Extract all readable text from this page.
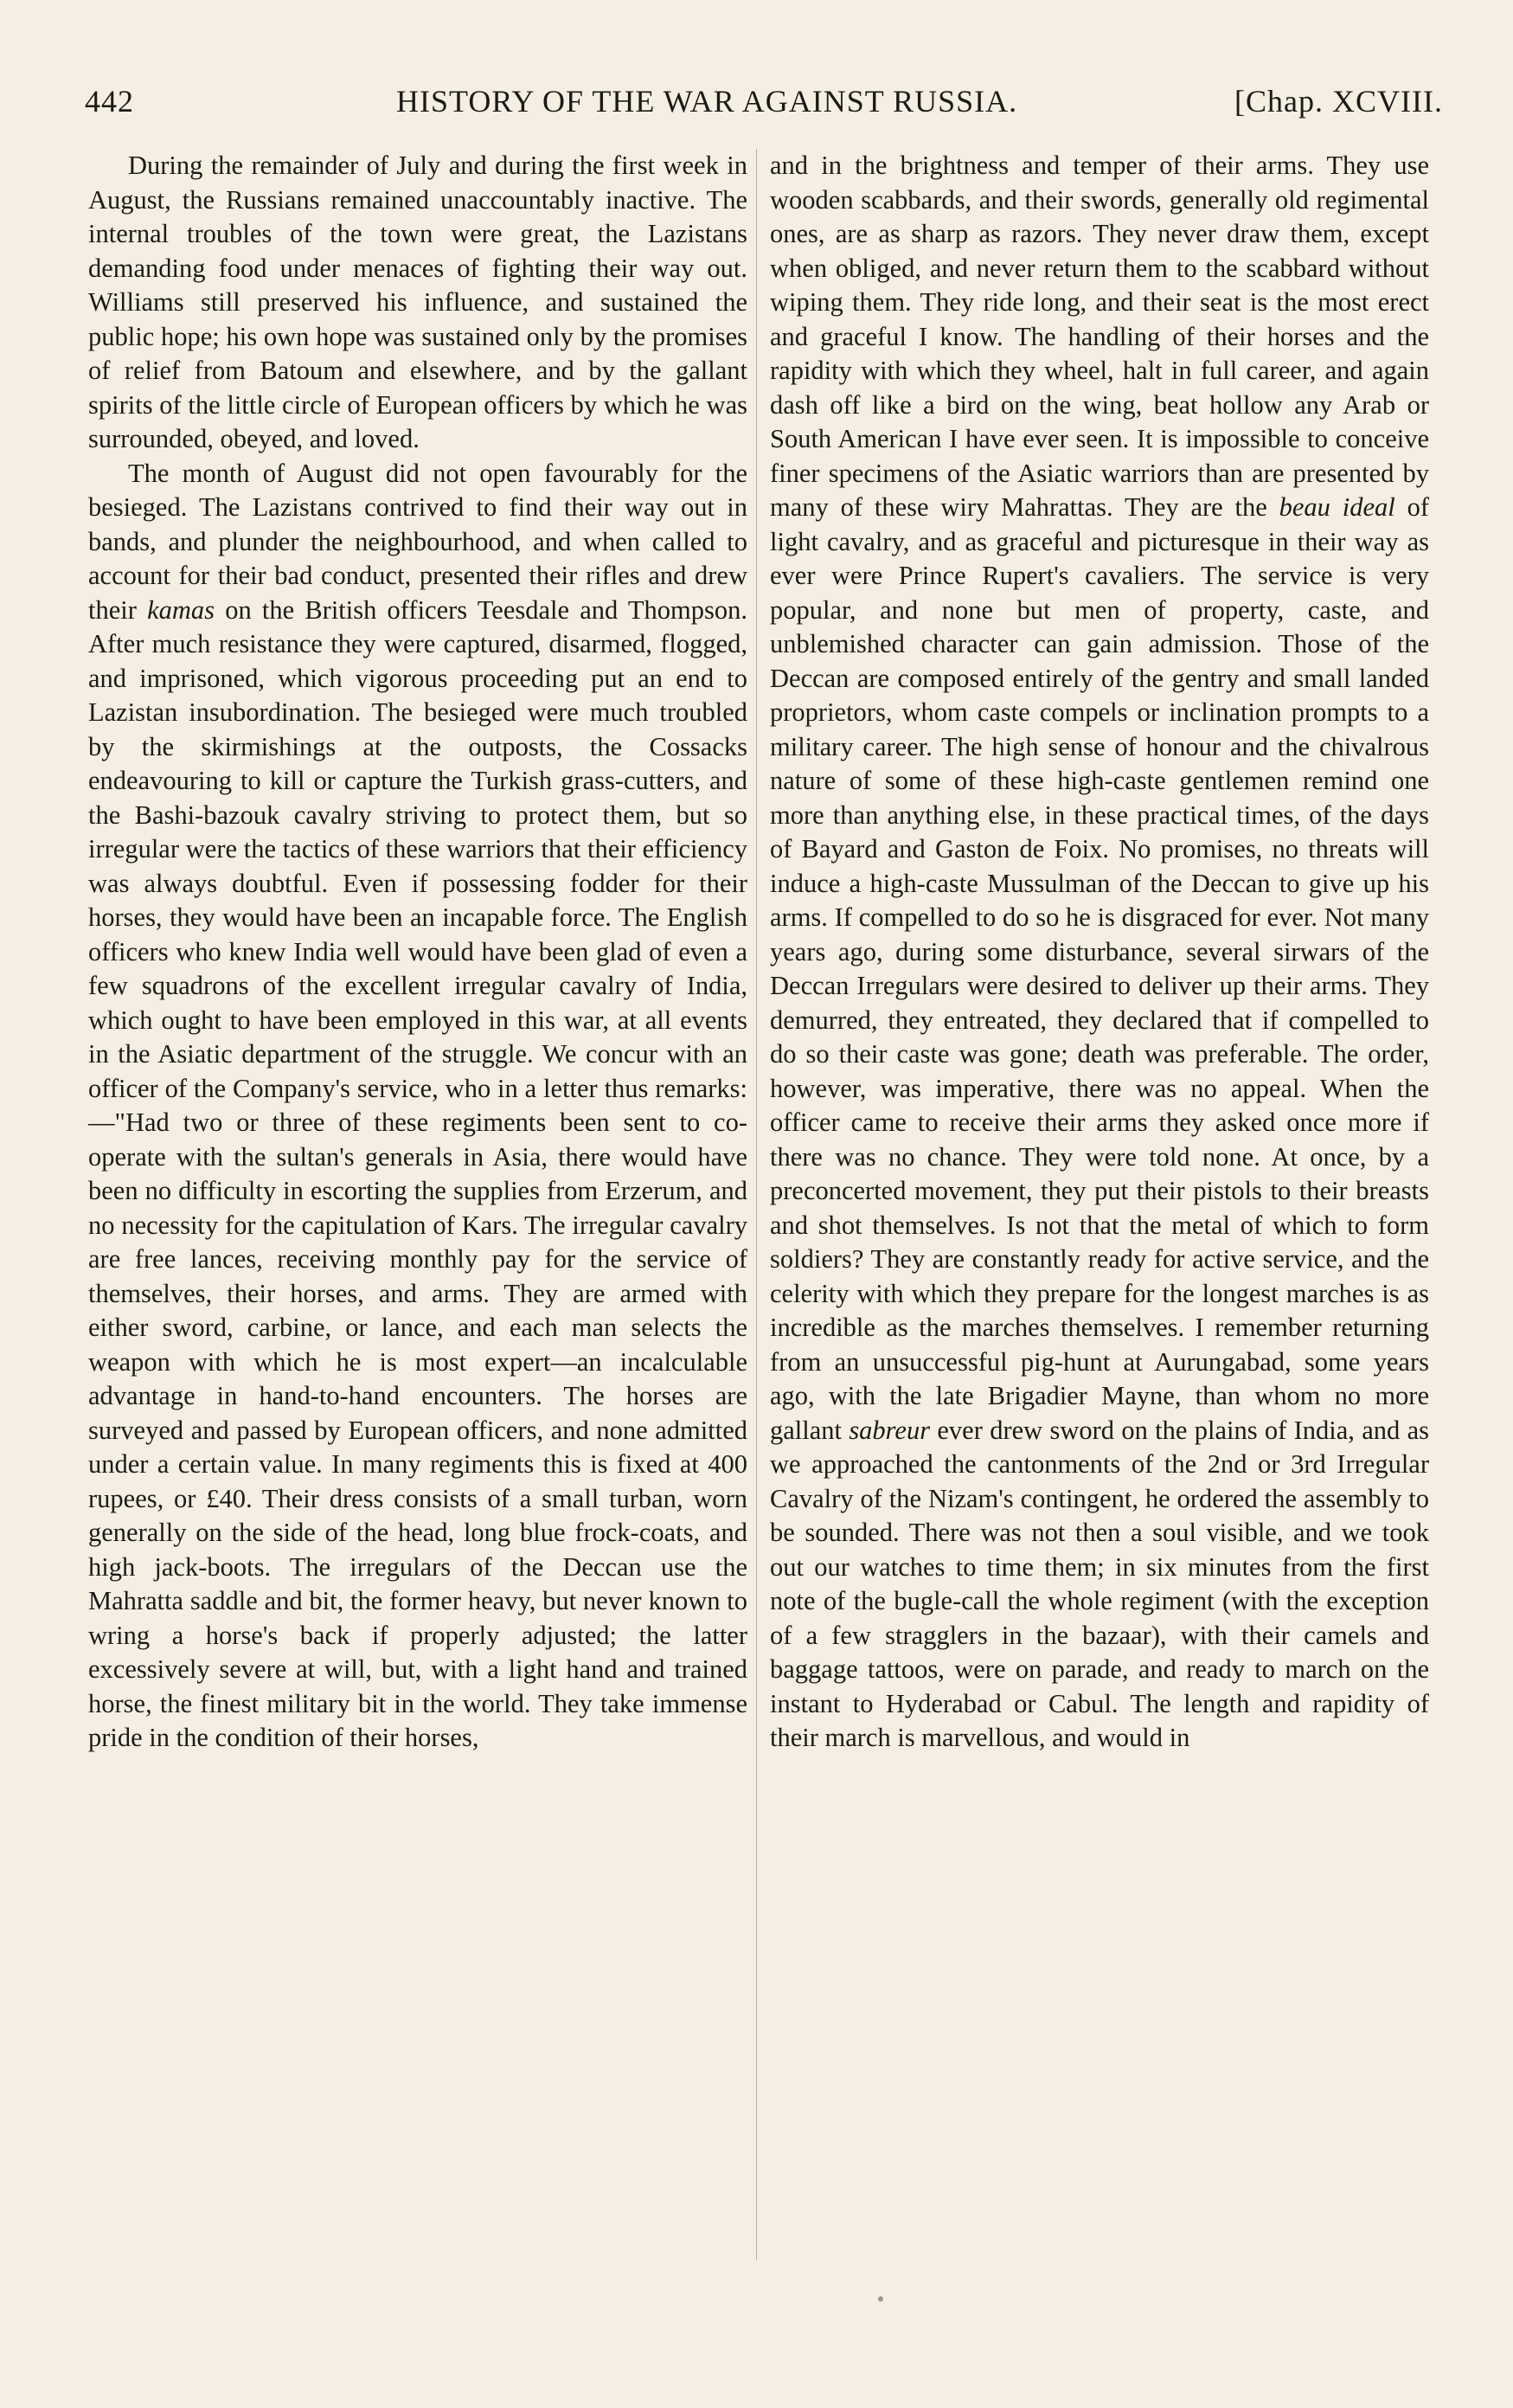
442	HISTORY OF THE WAR AGAINST RUSSIA.	[Chap. XCVIII.

During the remainder of July and during the first week in August, the Russians remained unaccountably inactive. The internal troubles of the town were great, the Lazistans demanding food under menaces of fighting their way out. Williams still preserved his influence, and sustained the public hope; his own hope was sustained only by the promises of relief from Batoum and elsewhere, and by the gallant spirits of the little circle of European officers by which he was surrounded, obeyed, and loved.

The month of August did not open favourably for the besieged. The Lazistans contrived to find their way out in bands, and plunder the neighbourhood, and when called to account for their bad conduct, presented their rifles and drew their kamas on the British officers Teesdale and Thompson. After much resistance they were captured, disarmed, flogged, and imprisoned, which vigorous proceeding put an end to Lazistan insubordination. The besieged were much troubled by the skirmishings at the outposts, the Cossacks endeavouring to kill or capture the Turkish grass-cutters, and the Bashi-bazouk cavalry striving to protect them, but so irregular were the tactics of these warriors that their efficiency was always doubtful. Even if possessing fodder for their horses, they would have been an incapable force. The English officers who knew India well would have been glad of even a few squadrons of the excellent irregular cavalry of India, which ought to have been employed in this war, at all events in the Asiatic department of the struggle. We concur with an officer of the Company's service, who in a letter thus remarks:—"Had two or three of these regiments been sent to co-operate with the sultan's generals in Asia, there would have been no difficulty in escorting the supplies from Erzerum, and no necessity for the capitulation of Kars. The irregular cavalry are free lances, receiving monthly pay for the service of themselves, their horses, and arms. They are armed with either sword, carbine, or lance, and each man selects the weapon with which he is most expert—an incalculable advantage in hand-to-hand encounters. The horses are surveyed and passed by European officers, and none admitted under a certain value. In many regiments this is fixed at 400 rupees, or £40. Their dress consists of a small turban, worn generally on the side of the head, long blue frock-coats, and high jack-boots. The irregulars of the Deccan use the Mahratta saddle and bit, the former heavy, but never known to wring a horse's back if properly adjusted; the latter excessively severe at will, but, with a light hand and trained horse, the finest military bit in the world. They take immense pride in the condition of their horses,

and in the brightness and temper of their arms. They use wooden scabbards, and their swords, generally old regimental ones, are as sharp as razors. They never draw them, except when obliged, and never return them to the scabbard without wiping them. They ride long, and their seat is the most erect and graceful I know. The handling of their horses and the rapidity with which they wheel, halt in full career, and again dash off like a bird on the wing, beat hollow any Arab or South American I have ever seen. It is impossible to conceive finer specimens of the Asiatic warriors than are presented by many of these wiry Mahrattas. They are the beau ideal of light cavalry, and as graceful and picturesque in their way as ever were Prince Rupert's cavaliers. The service is very popular, and none but men of property, caste, and unblemished character can gain admission. Those of the Deccan are composed entirely of the gentry and small landed proprietors, whom caste compels or inclination prompts to a military career. The high sense of honour and the chivalrous nature of some of these high-caste gentlemen remind one more than anything else, in these practical times, of the days of Bayard and Gaston de Foix. No promises, no threats will induce a high-caste Mussulman of the Deccan to give up his arms. If compelled to do so he is disgraced for ever. Not many years ago, during some disturbance, several sirwars of the Deccan Irregulars were desired to deliver up their arms. They demurred, they entreated, they declared that if compelled to do so their caste was gone; death was preferable. The order, however, was imperative, there was no appeal. When the officer came to receive their arms they asked once more if there was no chance. They were told none. At once, by a preconcerted movement, they put their pistols to their breasts and shot themselves. Is not that the metal of which to form soldiers? They are constantly ready for active service, and the celerity with which they prepare for the longest marches is as incredible as the marches themselves. I remember returning from an unsuccessful pig-hunt at Aurungabad, some years ago, with the late Brigadier Mayne, than whom no more gallant sabreur ever drew sword on the plains of India, and as we approached the cantonments of the 2nd or 3rd Irregular Cavalry of the Nizam's contingent, he ordered the assembly to be sounded. There was not then a soul visible, and we took out our watches to time them; in six minutes from the first note of the bugle-call the whole regiment (with the exception of a few stragglers in the bazaar), with their camels and baggage tattoos, were on parade, and ready to march on the instant to Hyderabad or Cabul. The length and rapidity of their march is marvellous, and would in
